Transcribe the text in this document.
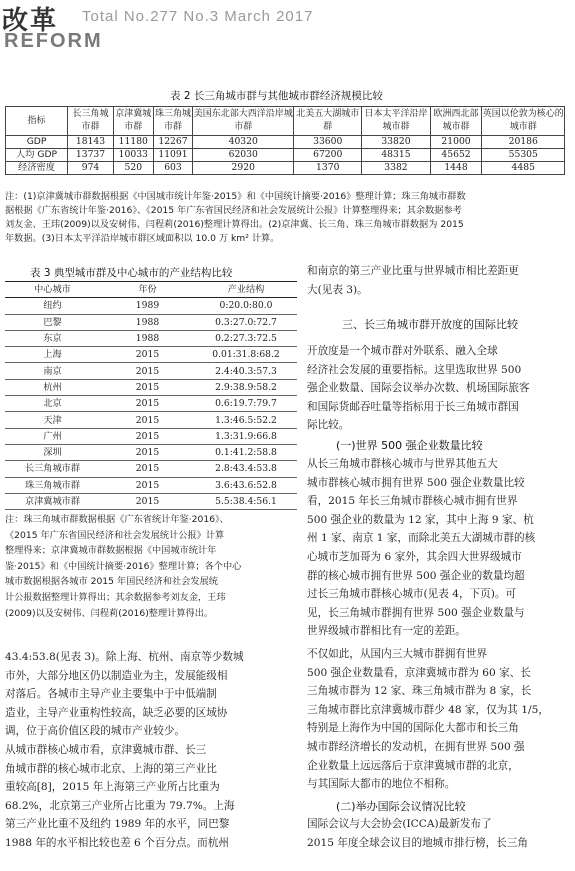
改革
REFORM
Total No.277 No.3 March 2017
表 2 长三角城市群与其他城市群经济规模比较
指标	长三角城市群	京津冀城市群	珠三角城市群	美国东北部大西洋沿岸城市群	北美五大湖城市群	日本太平洋沿岸城市群	欧洲西北部城市群	英国以伦敦为核心的城市群
GDP	18143	11180	12267	40320	33600	33820	21000	20186
人均 GDP	13737	10033	11091	62030	67200	48315	45652	55305
经济密度	974	520	603	2920	1370	3382	1448	4485
注：(1)京津冀城市群数据根据《中国城市统计年鉴·2015》和《中国统计摘要·2016》整理计算；珠三角城市群数
据根据《广东省统计年鉴·2016》、《2015 年广东省国民经济和社会发展统计公报》计算整理得来；其余数据参考
刘友金、王玮(2009)以及安树伟、闫程莉(2016)整理计算得出。(2)京津冀、长三角、珠三角城市群数据为 2015
年数据。(3)日本太平洋沿岸城市群区域面积以 10.0 万 km² 计算。
表 3 典型城市群及中心城市的产业结构比较
中心城市	年份	产业结构
纽约	1989	0:20.0:80.0
巴黎	1988	0.3:27.0:72.7
东京	1988	0.2:27.3:72.5
上海	2015	0.01:31.8:68.2
南京	2015	2.4:40.3:57.3
杭州	2015	2.9:38.9:58.2
北京	2015	0.6:19.7:79.7
天津	2015	1.3:46.5:52.2
广州	2015	1.3:31.9:66.8
深圳	2015	0.1:41.2:58.8
长三角城市群	2015	2.8:43.4:53.8
珠三角城市群	2015	3.6:43.6:52.8
京津冀城市群	2015	5.5:38.4:56.1
注：珠三角城市群数据根据《广东省统计年鉴·2016》、
《2015 年广东省国民经济和社会发展统计公报》计算
整理得来；京津冀城市群数据根据《中国城市统计年
鉴·2015》和《中国统计摘要·2016》整理计算；各个中心
城市数据根据各城市 2015 年国民经济和社会发展统
计公报数据整理计算得出；其余数据参考刘友金，王玮
(2009)以及安树伟、闫程莉(2016)整理计算得出。
43.4:53.8(见表 3)。除上海、杭州、南京等少数城
市外，大部分地区仍以制造业为主，发展能级相
对落后。各城市主导产业主要集中于中低端制
造业，主导产业重构性较高，缺乏必要的区域协
调，位于高价值区段的城市产业较少。
从城市群核心城市看，京津冀城市群、长三
角城市群的核心城市北京、上海的第三产业比
重较高[8]，2015 年上海第三产业所占比重为
68.2%，北京第三产业所占比重为 79.7%。上海
第三产业比重不及纽约 1989 年的水平，同巴黎
1988 年的水平相比较也差 6 个百分点。而杭州
和南京的第三产业比重与世界城市相比差距更
大(见表 3)。
三、长三角城市群开放度的国际比较
开放度是一个城市群对外联系、融入全球
经济社会发展的重要指标。这里选取世界 500
强企业数量、国际会议举办次数、机场国际旅客
和国际货邮吞吐量等指标用于长三角城市群国
际比较。
(一)世界 500 强企业数量比较
从长三角城市群核心城市与世界其他五大
城市群核心城市拥有世界 500 强企业数量比较
看，2015 年长三角城市群核心城市拥有世界
500 强企业的数量为 12 家，其中上海 9 家、杭
州 1 家、南京 1 家，而除北美五大湖城市群的核
心城市芝加哥为 6 家外，其余四大世界级城市
群的核心城市拥有世界 500 强企业的数量均超
过长三角城市群核心城市(见表 4，下页)。可
见，长三角城市群拥有世界 500 强企业数量与
世界级城市群相比有一定的差距。
不仅如此，从国内三大城市群拥有世界
500 强企业数量看，京津冀城市群为 60 家、长
三角城市群为 12 家、珠三角城市群为 8 家，长
三角城市群比京津冀城市群少 48 家，仅为其 1/5，
特别是上海作为中国的国际化大都市和长三角
城市群经济增长的发动机，在拥有世界 500 强
企业数量上远远落后于京津冀城市群的北京，
与其国际大都市的地位不相称。
(二)举办国际会议情况比较
国际会议与大会协会(ICCA)最新发布了
2015 年度全球会议目的地城市排行榜，长三角
